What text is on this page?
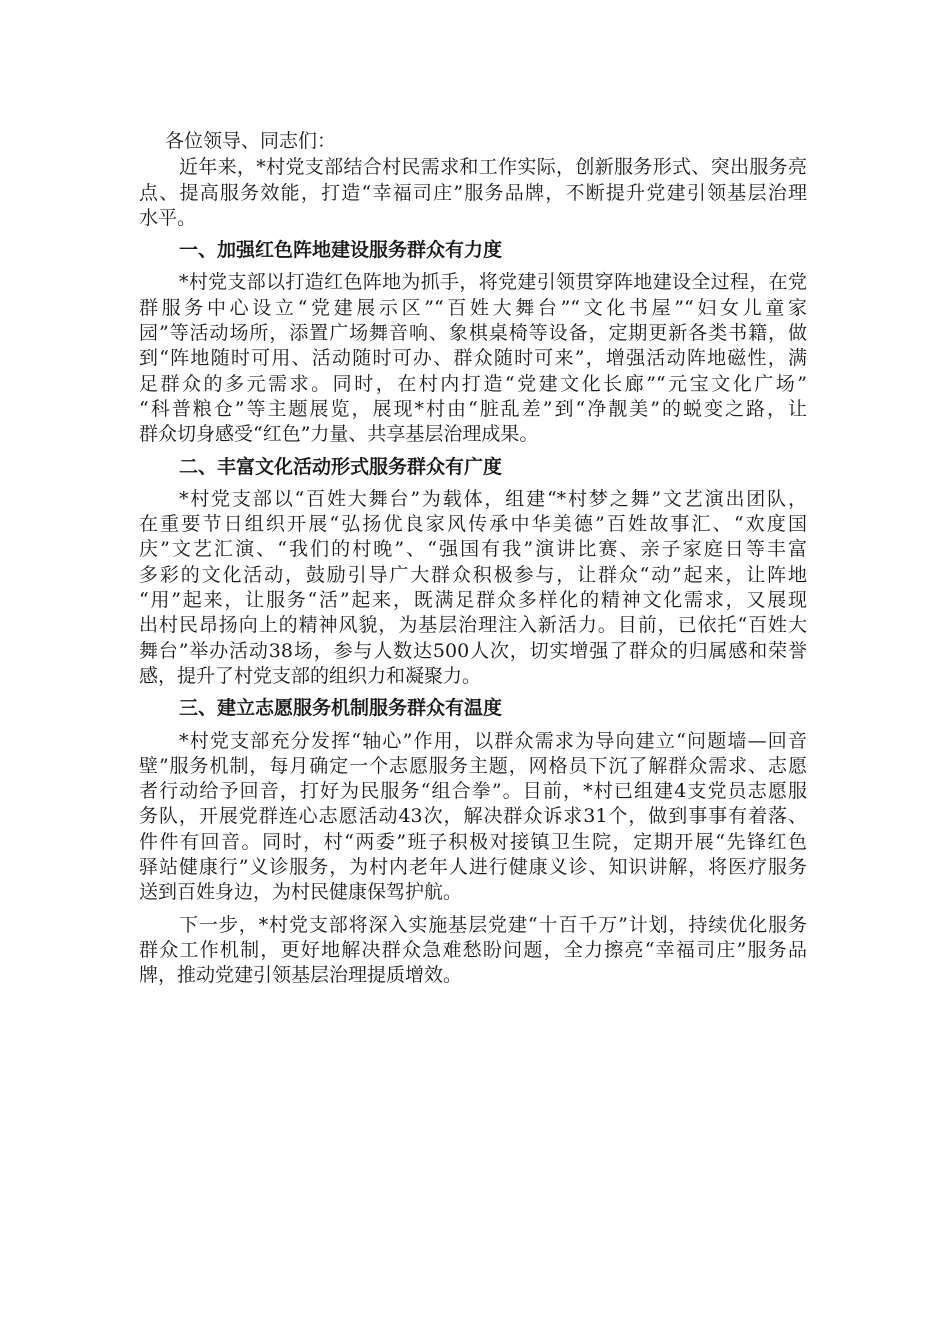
各位领导、同志们：
近年来，*村党支部结合村民需求和工作实际，创新服务形式、突出服务亮
点、提高服务效能，打造“幸福司庄”服务品牌，不断提升党建引领基层治理
水平。
一、加强红色阵地建设服务群众有力度
*村党支部以打造红色阵地为抓手，将党建引领贯穿阵地建设全过程，在党
群服务中心设立“党建展示区”“百姓大舞台”“文化书屋”“妇女儿童家
园”等活动场所，添置广场舞音响、象棋桌椅等设备，定期更新各类书籍，做
到“阵地随时可用、活动随时可办、群众随时可来”，增强活动阵地磁性，满
足群众的多元需求。同时，在村内打造“党建文化长廊”“元宝文化广场”
“科普粮仓”等主题展览，展现*村由“脏乱差”到“净靓美”的蜕变之路，让
群众切身感受“红色”力量、共享基层治理成果。
二、丰富文化活动形式服务群众有广度
*村党支部以“百姓大舞台”为载体，组建“*村梦之舞”文艺演出团队，
在重要节日组织开展“弘扬优良家风传承中华美德”百姓故事汇、“欢度国
庆”文艺汇演、“我们的村晚”、“强国有我”演讲比赛、亲子家庭日等丰富
多彩的文化活动，鼓励引导广大群众积极参与，让群众“动”起来，让阵地
“用”起来，让服务“活”起来，既满足群众多样化的精神文化需求，又展现
出村民昂扬向上的精神风貌，为基层治理注入新活力。目前，已依托“百姓大
舞台”举办活动38场，参与人数达500人次，切实增强了群众的归属感和荣誉
感，提升了村党支部的组织力和凝聚力。
三、建立志愿服务机制服务群众有温度
*村党支部充分发挥“轴心”作用，以群众需求为导向建立“问题墙—回音
壁”服务机制，每月确定一个志愿服务主题，网格员下沉了解群众需求、志愿
者行动给予回音，打好为民服务“组合拳”。目前，*村已组建4支党员志愿服
务队，开展党群连心志愿活动43次，解决群众诉求31个，做到事事有着落、
件件有回音。同时，村“两委”班子积极对接镇卫生院，定期开展“先锋红色
驿站健康行”义诊服务，为村内老年人进行健康义诊、知识讲解，将医疗服务
送到百姓身边，为村民健康保驾护航。
下一步，*村党支部将深入实施基层党建“十百千万”计划，持续优化服务
群众工作机制，更好地解决群众急难愁盼问题，全力擦亮“幸福司庄”服务品
牌，推动党建引领基层治理提质增效。
